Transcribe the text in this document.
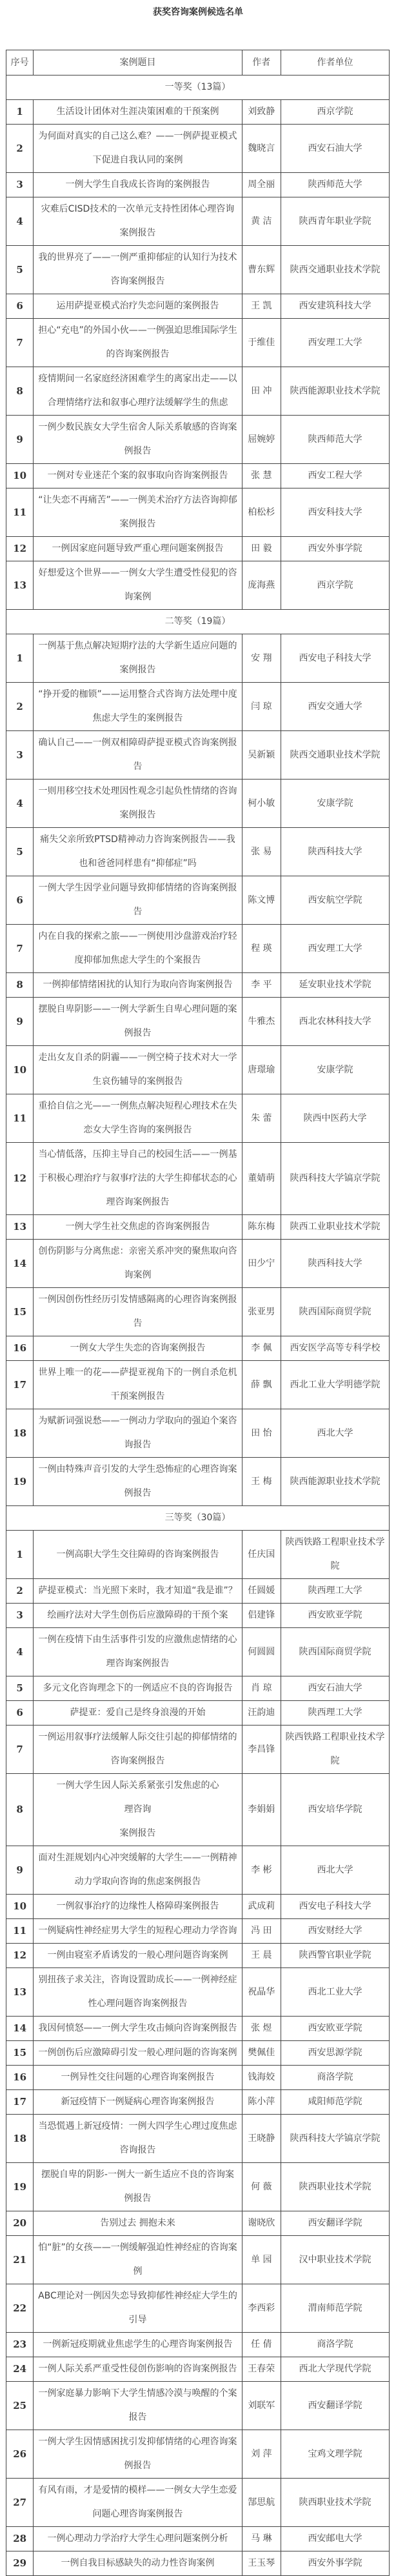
获奖咨询案例候选名单
序号	案例题目	作者	作者单位
一等奖（13篇）			
1	生活设计团体对生涯决策困难的干预案例	刘致静	西京学院
2	为何面对真实的自己这么难？——一例萨提亚模式下促进自我认同的案例	魏晓言	西安石油大学
3	一例大学生自我成长咨询的案例报告	周全丽	陕西师范大学
4	灾难后CISD技术的一次单元支持性团体心理咨询案例报告	黄 洁	陕西青年职业学院
5	我的世界亮了——一例严重抑郁症的认知行为技术咨询案例报告	曹东辉	陕西交通职业技术学院
6	运用萨提亚模式治疗失恋问题的案例报告	王 凯	西安建筑科技大学
7	担心“充电”的外国小伙——一例强迫思维国际学生的咨询案例报告	于维佳	西安理工大学
8	疫情期间一名家庭经济困难学生的离家出走——以合理情绪疗法和叙事心理疗法缓解学生的焦虑	田 冲	陕西能源职业技术学院
9	一例少数民族女大学生宿舍人际关系敏感的咨询案例报告	屈婉婷	陕西师范大学
10	一例对专业迷茫个案的叙事取向咨询案例报告	张 慧	西安工程大学
11	“让失恋不再痛苦”——一例美术治疗方法咨询抑郁案例报告	柏松杉	西安科技大学
12	一例因家庭问题导致严重心理问题案例报告	田 毅	西安外事学院
13	好想爱这个世界——一例女大学生遭受性侵犯的咨询案例	庞海燕	西京学院
二等奖（19篇）			
1	一例基于焦点解决短期疗法的大学新生适应问题的案例报告	安 翔	西安电子科技大学
2	“挣开爱的枷锁”——运用整合式咨询方法处理中度焦虑大学生的案例报告	闫 琼	西安交通大学
3	确认自己——一例双相障碍萨提亚模式咨询案例报告	吴新颖	陕西交通职业技术学院
4	一则用移空技术处理因性观念引起负性情绪的咨询案例报告	柯小敏	安康学院
5	痛失父亲所致PTSD精神动力咨询案例报告——我也和爸爸同样患有“抑郁症”吗	张 易	陕西科技大学
6	一例大学生因学业问题导致抑郁情绪的咨询案例报告	陈文博	西安航空学院
7	内在自我的探索之旅——一例使用沙盘游戏治疗轻度抑郁加焦虑大学生的个案报告	程 瑛	西安理工大学
8	一例抑郁情绪困扰的认知行为取向咨询案例报告	李 平	延安职业技术学院
9	摆脱自卑阴影——一例大学新生自卑心理问题的案例报告	牛雅杰	西北农林科技大学
10	走出女友自杀的阴霾——一例空椅子技术对大一学生哀伤辅导的案例报告	唐璟瑜	安康学院
11	重拾自信之光——一例焦点解决短程心理技术在失恋女大学生咨询的案例报告	朱 蕾	陕西中医药大学
12	当心情低落，压抑主导自己的校园生活——一例基于积极心理治疗与叙事疗法的大学生抑郁状态的心理咨询案例报告	董婧萌	陕西科技大学镐京学院
13	一例大学生社交焦虑的咨询案例报告	陈东梅	陕西工业职业技术学院
14	创伤阴影与分离焦虑：亲密关系冲突的聚焦取向咨询案例	田少宁	陕西科技大学
15	一例因创伤性经历引发情感隔离的心理咨询案例报告	张亚男	陕西国际商贸学院
16	一例女大学生失恋的咨询案例报告	李 佩	西安医学高等专科学校
17	世界上唯一的花——萨提亚视角下的一例自杀危机干预案例报告	薛 飘	西北工业大学明德学院
18	为赋新词强说愁——一例动力学取向的强迫个案咨询报告	田 怡	西北大学
19	一例由特殊声音引发的大学生恐怖症的心理咨询案例报告	王 梅	陕西能源职业技术学院
三等奖（30篇）			
1	一例高职大学生交往障碍的咨询案例报告	任庆国	陕西铁路工程职业技术学院
2	萨提亚模式：当光照下来时，我才知道“我是谁”？	任圆媛	陕西理工大学
3	绘画疗法对大学生创伤后应激障碍的干预个案	侣建锋	西安欧亚学院
4	一例在疫情下由生活事件引发的应激焦虑情绪的心理咨询案例报告	何圆圆	陕西国际商贸学院
5	多元文化咨询理念下的一例适应不良的咨询报告	肖 琼	西安石油大学
6	萨提亚：爱自己是终身浪漫的开始	汪韵迪	陕西理工大学
7	一例运用叙事疗法缓解人际交往引起的抑郁情绪的咨询案例报告	李昌锋	陕西铁路工程职业技术学院
8	一例大学生因人际关系紧张引发焦虑的心
理咨询
案例报告	李娟娟	西安培华学院
9	面对生涯规划内心冲突缓解的大学生——一例精神动力学取向咨询的焦虑案例报告	李 彬	西北大学
10	一例叙事治疗的边缘性人格障碍案例报告	武成莉	西安电子科技大学
11	一例疑病性神经症男大学生的短程心理动力学咨询	冯 田	西安财经大学
12	一例由寝室矛盾诱发的一般心理问题咨询案例	王 晨	陕西警官职业学院
13	别扭孩子求关注，咨询设置助成长——一例神经症性心理问题咨询案例报告	祝晶华	西北工业大学
14	我因何愤怒——一例大学生攻击倾向咨询案例报告	张 煜	西安欧亚学院
15	一例创伤后应激障碍引发一般心理问题的咨询案例	樊佩佳	西安思源学院
16	一例异性交往问题的心理咨询案例报告	钱海姣	商洛学院
17	新冠疫情下一例疑病心理咨询案例报告	陈小萍	咸阳师范学院
18	当恐慌遇上新冠疫情：一例大四学生心理过度焦虑咨询报告	王晓静	陕西科技大学镐京学院
19	摆脱自卑的阴影-一例大一新生适应不良的咨询案例报告	何 薇	陕西职业技术学院
20	告别过去 拥抱未来	谢晓欣	西安翻译学院
21	怕“脏”的女孩——一例缓解强迫性神经症的咨询案例	单 园	汉中职业技术学院
22	ABC理论对一例因失恋导致抑郁性神经症大学生的引导	李西彩	渭南师范学院
23	一例新冠疫期就业焦虑学生的心理咨询案例报告	任 倩	商洛学院
24	一例人际关系严重受性侵创伤影响的咨询案例报告	王春荣	西北大学现代学院
25	一例家庭暴力影响下大学生情感冷漠与唤醒的个案报告	刘联军	西安翻译学院
26	一例大学生因情感困扰引发抑郁情绪的心理咨询案例报告	刘 萍	宝鸡文理学院
27	有风有雨，才是爱情的模样——一例女大学生恋爱问题心理咨询案例报告	郜思航	陕西职业技术学院
28	一例心理动力学治疗大学生心理问题案例分析	马 琳	西安邮电大学
29	一例自我目标感缺失的动力性咨询案例	王玉琴	西安外事学院
